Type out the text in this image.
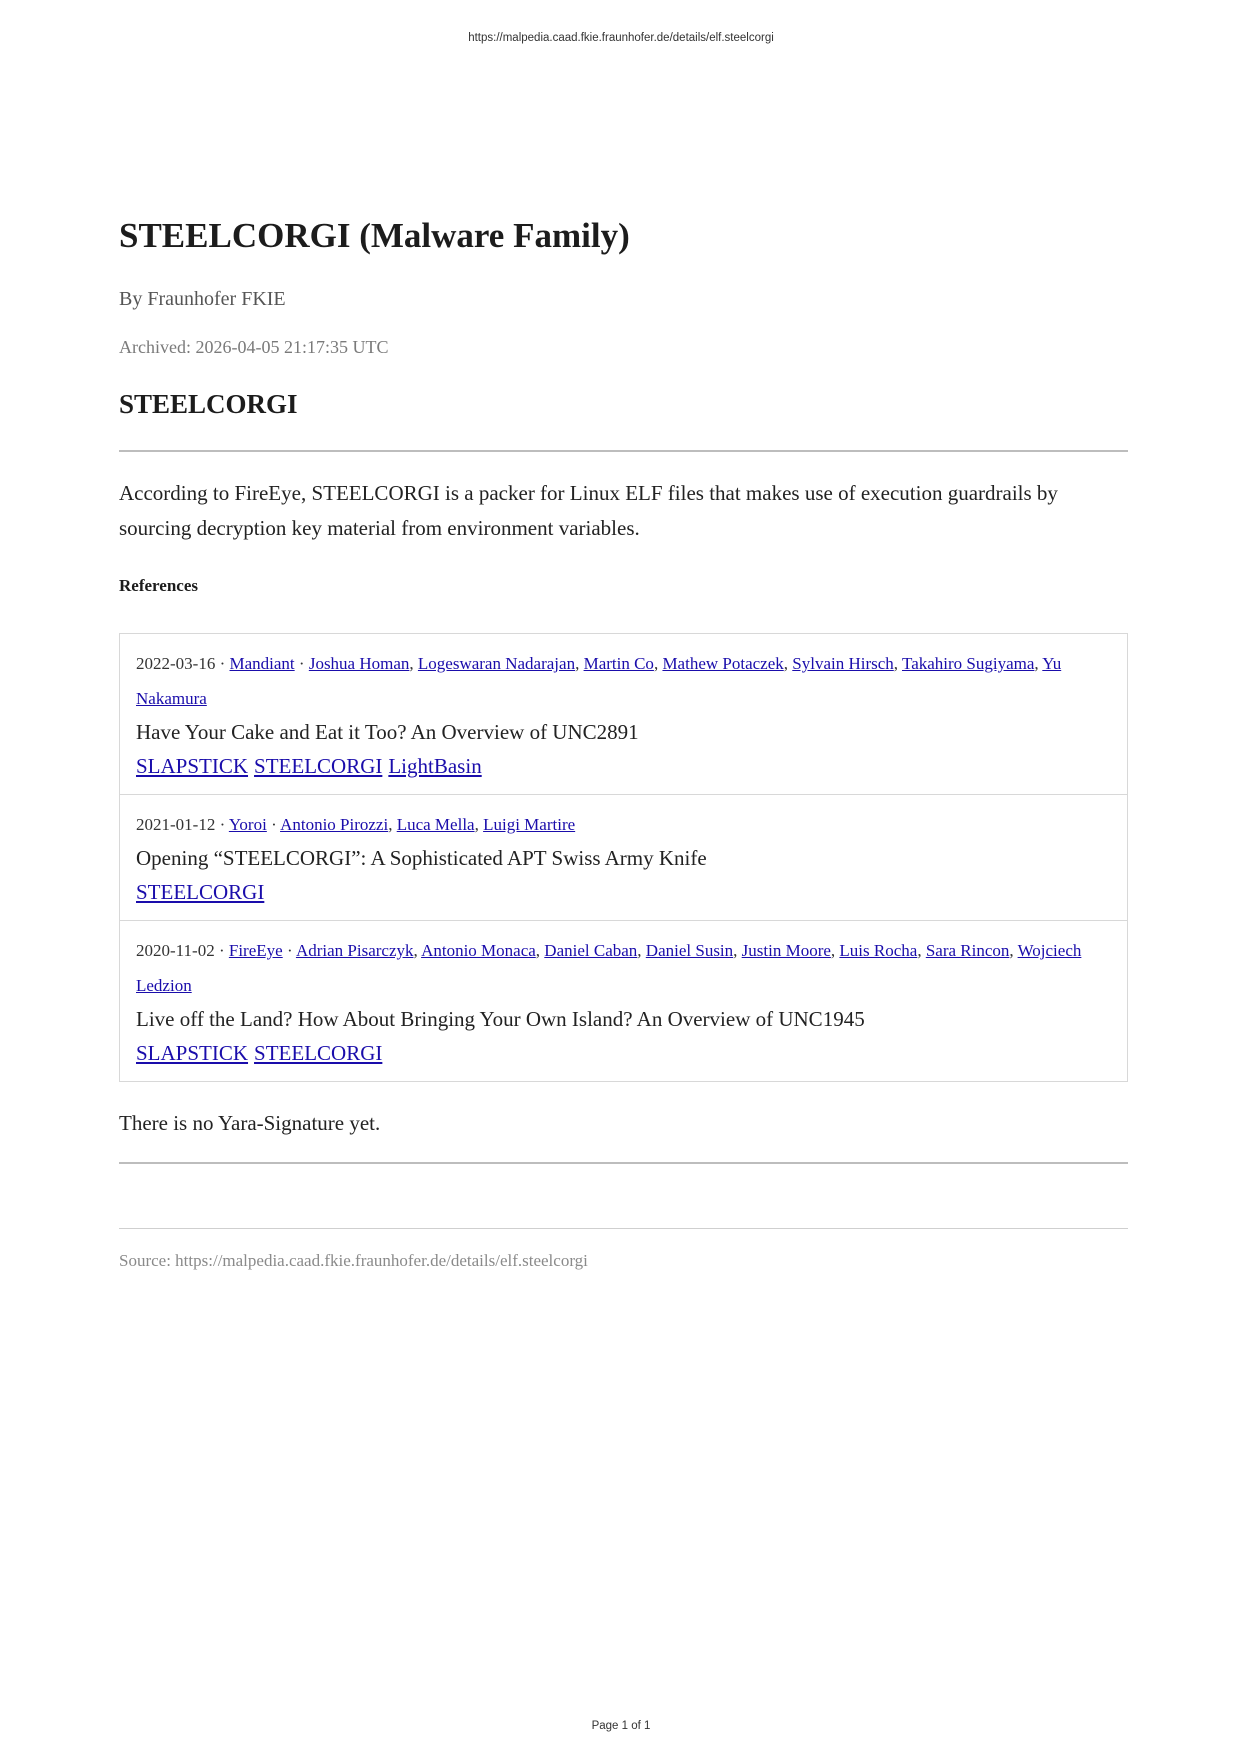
https://malpedia.caad.fkie.fraunhofer.de/details/elf.steelcorgi
STEELCORGI (Malware Family)
By Fraunhofer FKIE
Archived: 2026-04-05 21:17:35 UTC
STEELCORGI
According to FireEye, STEELCORGI is a packer for Linux ELF files that makes use of execution guardrails by sourcing decryption key material from environment variables.
References
2022-03-16 · Mandiant · Joshua Homan, Logeswaran Nadarajan, Martin Co, Mathew Potaczek, Sylvain Hirsch, Takahiro Sugiyama, Yu Nakamura
Have Your Cake and Eat it Too? An Overview of UNC2891
SLAPSTICK STEELCORGI LightBasin
2021-01-12 · Yoroi · Antonio Pirozzi, Luca Mella, Luigi Martire
Opening “STEELCORGI”: A Sophisticated APT Swiss Army Knife
STEELCORGI
2020-11-02 · FireEye · Adrian Pisarczyk, Antonio Monaca, Daniel Caban, Daniel Susin, Justin Moore, Luis Rocha, Sara Rincon, Wojciech Ledzion
Live off the Land? How About Bringing Your Own Island? An Overview of UNC1945
SLAPSTICK STEELCORGI
There is no Yara-Signature yet.
Source: https://malpedia.caad.fkie.fraunhofer.de/details/elf.steelcorgi
Page 1 of 1
